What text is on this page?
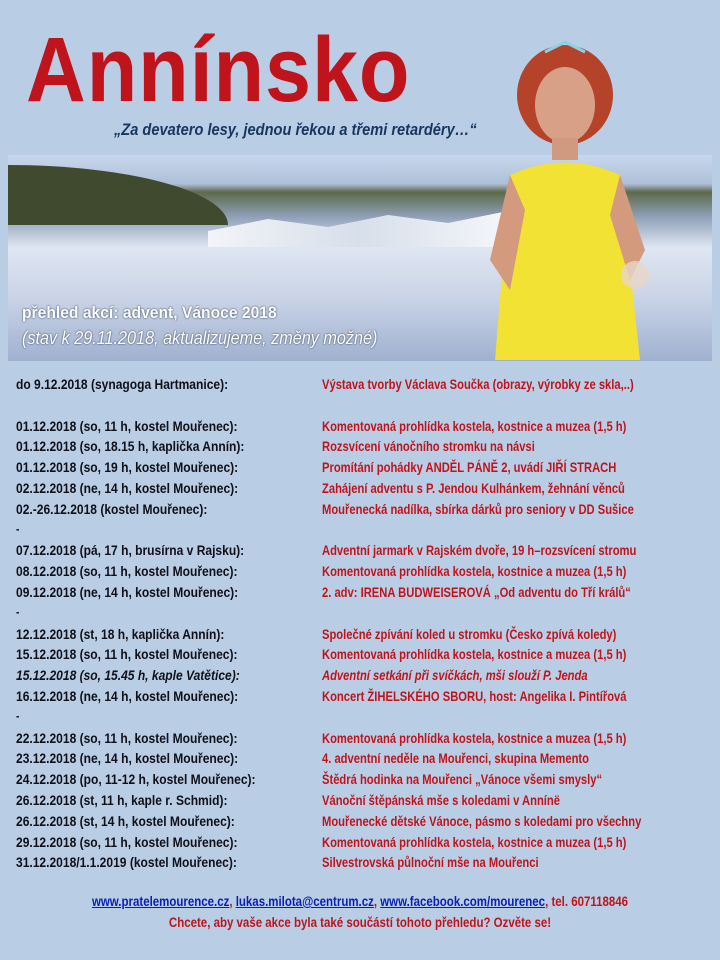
Annínsko
„Za devatero lesy, jednou řekou a třemi retardéry…“
přehled akcí: advent, Vánoce 2018
(stav k 29.11.2018, aktualizujeme, změny možné)
do 9.12.2018 (synagoga Hartmanice):	Výstava tvorby Václava Součka (obrazy, výrobky ze skla,..)
01.12.2018 (so, 11 h, kostel Mouřenec):	Komentovaná prohlídka kostela, kostnice a muzea (1,5 h)
01.12.2018 (so, 18.15 h, kaplička Annín):	Rozsvícení vánočního stromku na návsi
01.12.2018 (so, 19 h, kostel Mouřenec):	Promítání pohádky ANDĚL PÁNĚ 2, uvádí JIŘÍ STRACH
02.12.2018 (ne, 14 h, kostel Mouřenec):	Zahájení adventu s P. Jendou Kulhánkem, žehnání věnců
02.-26.12.2018 (kostel Mouřenec):	Mouřenecká nadílka, sbírka dárků pro seniory v DD Sušice
-
07.12.2018 (pá, 17 h, brusírna v Rajsku):	Adventní jarmark v Rajském dvoře, 19 h–rozsvícení stromu
08.12.2018 (so, 11 h, kostel Mouřenec):	Komentovaná prohlídka kostela, kostnice a muzea (1,5 h)
09.12.2018 (ne, 14 h, kostel Mouřenec):	2. adv: IRENA BUDWEISEROVÁ „Od adventu do Tří králů“
-
12.12.2018 (st, 18 h, kaplička Annín):	Společné zpívání koled u stromku (Česko zpívá koledy)
15.12.2018 (so, 11 h, kostel Mouřenec):	Komentovaná prohlídka kostela, kostnice a muzea (1,5 h)
15.12.2018 (so, 15.45 h, kaple Vatětice):	Adventní setkání při svíčkách, mši slouží P. Jenda
16.12.2018 (ne, 14 h, kostel Mouřenec):	Koncert ŽIHELSKÉHO SBORU, host: Angelika I. Pintířová
-
22.12.2018 (so, 11 h, kostel Mouřenec):	Komentovaná prohlídka kostela, kostnice a muzea (1,5 h)
23.12.2018 (ne, 14 h, kostel Mouřenec):	4. adventní neděle na Mouřenci, skupina Memento
24.12.2018 (po, 11-12 h, kostel Mouřenec):	Štědrá hodinka na Mouřenci „Vánoce všemi smysly“
26.12.2018 (st, 11 h, kaple r. Schmid):	Vánoční štěpánská mše s koledami v Annínë
26.12.2018 (st, 14 h, kostel Mouřenec):	Mouřenecké dětské Vánoce, pásmo s koledami pro všechny
29.12.2018 (so, 11 h, kostel Mouřenec):	Komentovaná prohlídka kostela, kostnice a muzea (1,5 h)
31.12.2018/1.1.2019 (kostel Mouřenec):	Silvestrovská půlnoční mše na Mouřenci
www.pratelemourence.cz, lukas.milota@centrum.cz, www.facebook.com/mourenec, tel. 607118846
Chcete, aby vaše akce byla také součástí tohoto přehledu? Ozvěte se!
